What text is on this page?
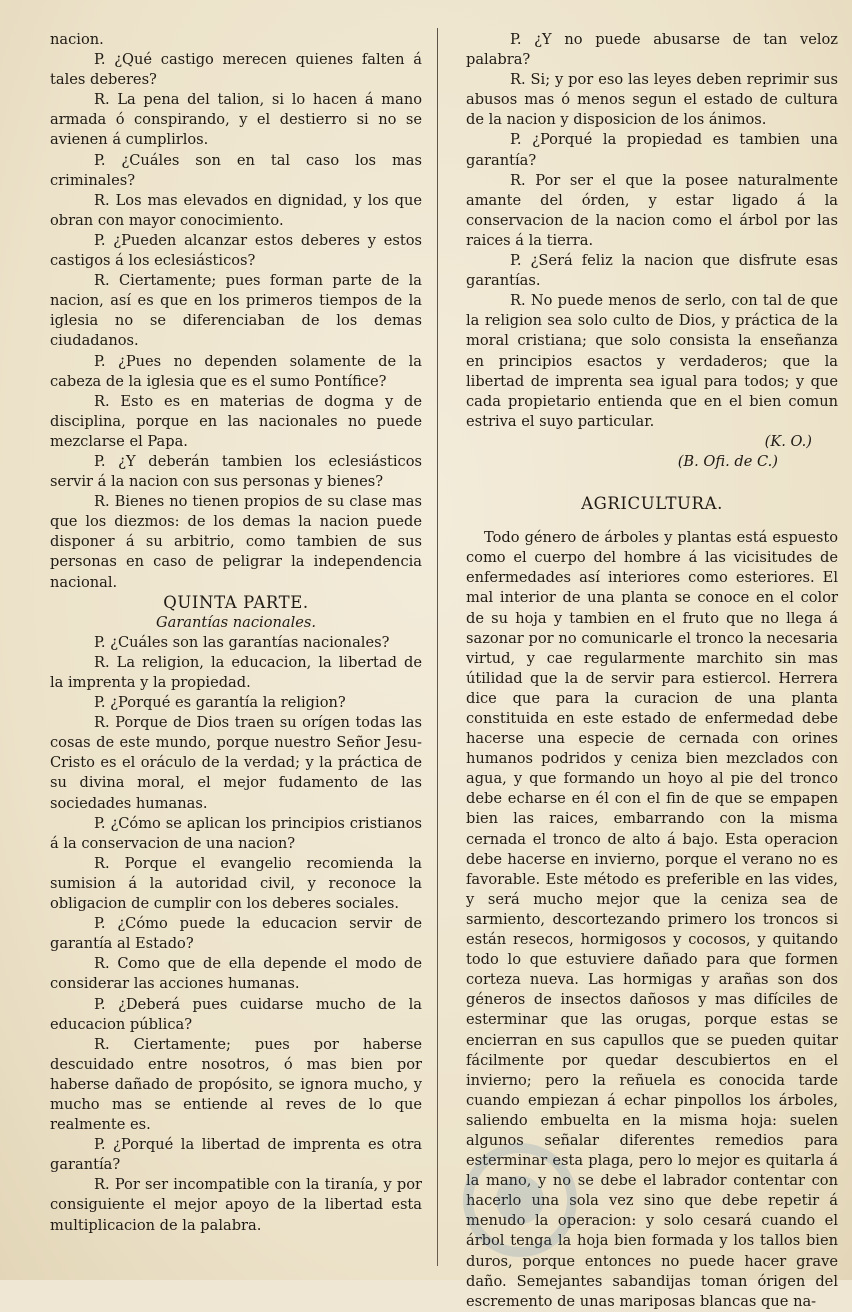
nacion.

P. ¿Qué castigo merecen quienes falten á tales deberes?

R. La pena del talion, si lo hacen á mano armada ó conspirando, y el destierro si no se avienen á cumplirlos.

P. ¿Cuáles son en tal caso los mas criminales?

R. Los mas elevados en dignidad, y los que obran con mayor conocimiento.

P. ¿Pueden alcanzar estos deberes y estos castigos á los eclesiásticos?

R. Ciertamente; pues forman parte de la nacion, así es que en los primeros tiempos de la iglesia no se diferenciaban de los demas ciudadanos.

P. ¿Pues no dependen solamente de la cabeza de la iglesia que es el sumo Pontífice?

R. Esto es en materias de dogma y de disciplina, porque en las nacionales no puede mezclarse el Papa.

P. ¿Y deberán tambien los eclesiásticos servir á la nacion con sus personas y bienes?

R. Bienes no tienen propios de su clase mas que los diezmos: de los demas la nacion puede disponer á su arbitrio, como tambien de sus personas en caso de peligrar la independencia nacional.

QUINTA PARTE.

Garantías nacionales.

P. ¿Cuáles son las garantías nacionales?

R. La religion, la educacion, la libertad de la imprenta y la propiedad.

P. ¿Porqué es garantía la religion?

R. Porque de Dios traen su orígen todas las cosas de este mundo, porque nuestro Señor Jesu-Cristo es el oráculo de la verdad; y la práctica de su divina moral, el mejor fudamento de las sociedades humanas.

P. ¿Cómo se aplican los principios cristianos á la conservacion de una nacion?

R. Porque el evangelio recomienda la sumision á la autoridad civil, y reconoce la obligacion de cumplir con los deberes sociales.

P. ¿Cómo puede la educacion servir de garantía al Estado?

R. Como que de ella depende el modo de considerar las acciones humanas.

P. ¿Deberá pues cuidarse mucho de la educacion pública?

R. Ciertamente; pues por haberse descuidado entre nosotros, ó mas bien por haberse dañado de propósito, se ignora mucho, y mucho mas se entiende al reves de lo que realmente es.

P. ¿Porqué la libertad de imprenta es otra garantía?

R. Por ser incompatible con la tiranía, y por consiguiente el mejor apoyo de la libertad esta multiplicacion de la palabra.

P. ¿Y no puede abusarse de tan veloz palabra?

R. Si; y por eso las leyes deben reprimir sus abusos mas ó menos segun el estado de cultura de la nacion y disposicion de los ánimos.

P. ¿Porqué la propiedad es tambien una garantía?

R. Por ser el que la posee naturalmente amante del órden, y estar ligado á la conservacion de la nacion como el árbol por las raices á la tierra.

P. ¿Será feliz la nacion que disfrute esas garantías.

R. No puede menos de serlo, con tal de que la religion sea solo culto de Dios, y práctica de la moral cristiana; que solo consista la enseñanza en principios esactos y verdaderos; que la libertad de imprenta sea igual para todos; y que cada propietario entienda que en el bien comun estriva el suyo particular.

(K. O.)

(B. Ofi. de C.)

AGRICULTURA.

Todo género de árboles y plantas está espuesto como el cuerpo del hombre á las vicisitudes de enfermedades así interiores como esteriores. El mal interior de una planta se conoce en el color de su hoja y tambien en el fruto que no llega á sazonar por no comunicarle el tronco la necesaria virtud, y cae regularmente marchito sin mas útilidad que la de servir para estiercol. Herrera dice que para la curacion de una planta constituida en este estado de enfermedad debe hacerse una especie de cernada con orines humanos podridos y ceniza bien mezclados con agua, y que formando un hoyo al pie del tronco debe echarse en él con el fin de que se empapen bien las raices, embarrando con la misma cernada el tronco de alto á bajo. Esta operacion debe hacerse en invierno, porque el verano no es favorable. Este método es preferible en las vides, y será mucho mejor que la ceniza sea de sarmiento, descortezando primero los troncos si están resecos, hormigosos y cocosos, y quitando todo lo que estuviere dañado para que formen corteza nueva. Las hormigas y arañas son dos géneros de insectos dañosos y mas difíciles de esterminar que las orugas, porque estas se encierran en sus capullos que se pueden quitar fácilmente por quedar descubiertos en el invierno; pero la reñuela es conocida tarde cuando empiezan á echar pinpollos los árboles, saliendo embuelta en la misma hoja: suelen algunos señalar diferentes remedios para esterminar esta plaga, pero lo mejor es quitarla á la mano, y no se debe el labrador contentar con hacerlo una sola vez sino que debe repetir á menudo la operacion: y solo cesará cuando el árbol tenga la hoja bien formada y los tallos bien duros, porque entonces no puede hacer grave daño. Semejantes sabandijas toman órigen del escremento de unas mariposas blancas que na-
